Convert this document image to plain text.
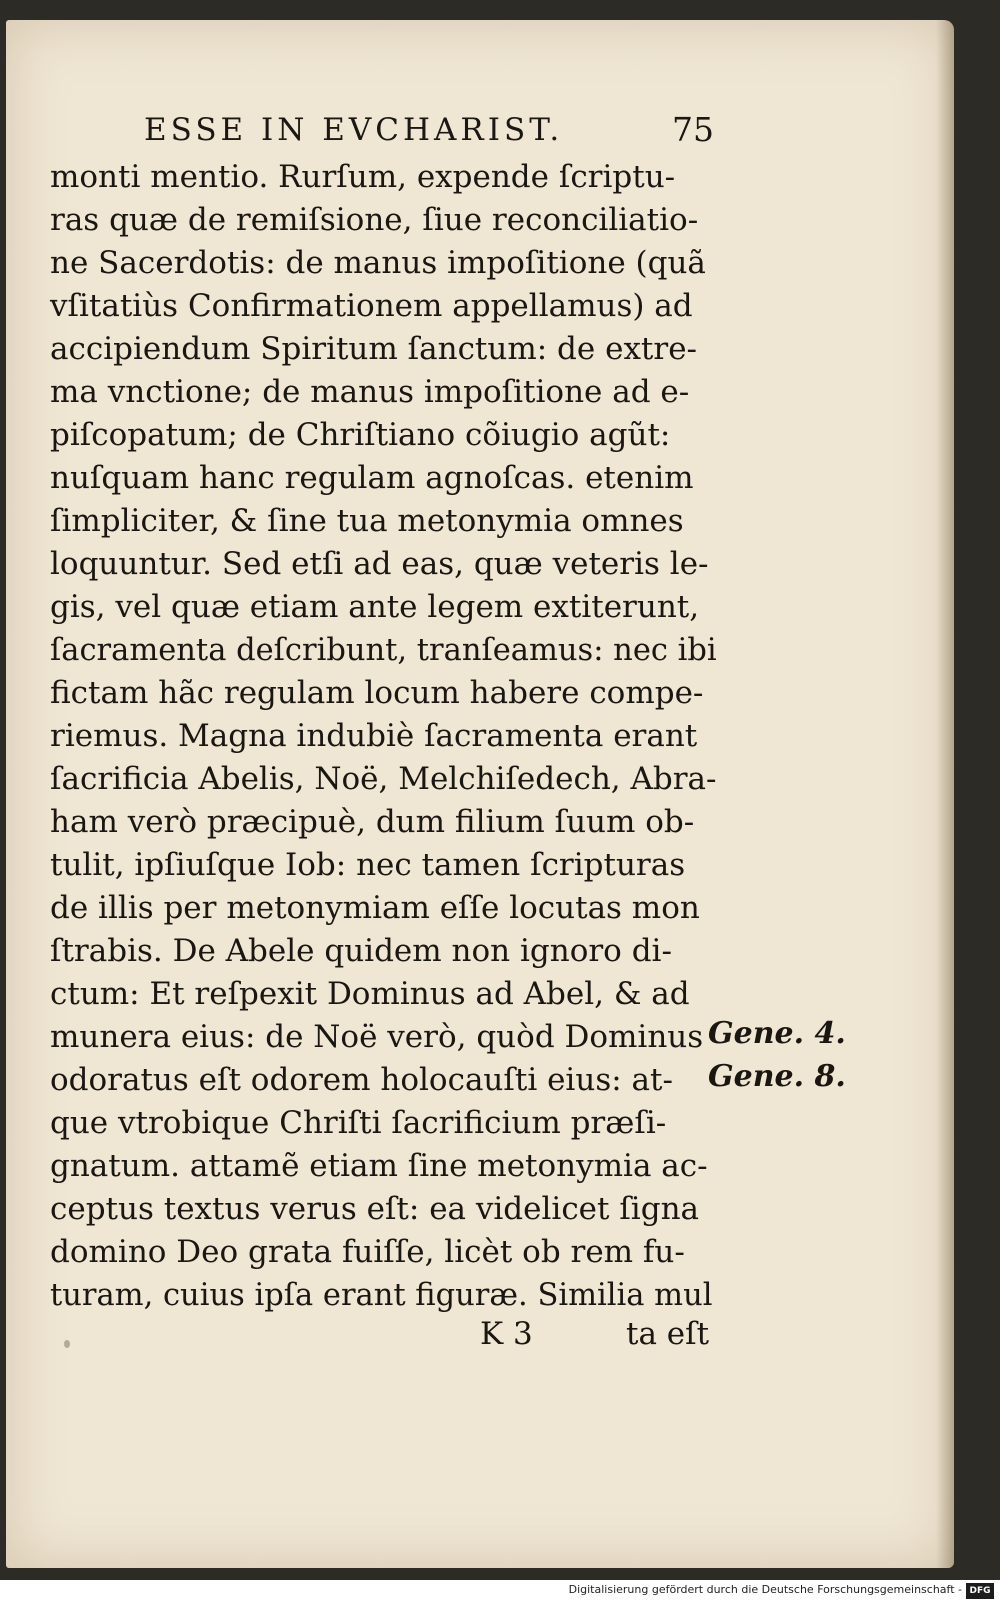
ESSE IN EVCHARIST.	75
monti mentio. Rurſum, expende ſcriptu-
ras quæ de remiſsione, ſiue reconciliatio-
ne Sacerdotis: de manus impoſitione (quã
vſitatiùs Confirmationem appellamus) ad
accipiendum Spiritum ſanctum: de extre-
ma vnctione; de manus impoſitione ad e-
piſcopatum; de Chriſtiano cõiugio agũt:
nuſquam hanc regulam agnoſcas. etenim
ſimpliciter, & ſine tua metonymia omnes
loquuntur. Sed etſi ad eas, quæ veteris le-
gis, vel quæ etiam ante legem extiterunt,
ſacramenta deſcribunt, tranſeamus: nec ibi
fictam hãc regulam locum habere compe-
riemus. Magna indubiè ſacramenta erant
ſacrificia Abelis, Noë, Melchiſedech, Abra-
ham verò præcipuè, dum filium ſuum ob-
tulit, ipſiuſque Iob: nec tamen ſcripturas
de illis per metonymiam eſſe locutas mon
ſtrabis. De Abele quidem non ignoro di-
ctum: Et reſpexit Dominus ad Abel, & ad
munera eius: de Noë verò, quòd Dominus
odoratus eſt odorem holocauſti eius: at-
que vtrobique Chriſti ſacrificium præſi-
gnatum. attamẽ etiam ſine metonymia ac-
ceptus textus verus eſt: ea videlicet ſigna
domino Deo grata fuiſſe, licèt ob rem fu-
turam, cuius ipſa erant figuræ. Similia mul
Gene. 4.
Gene. 8.
K 3	ta eſt
Digitalisierung gefördert durch die Deutsche Forschungsgemeinschaft - DFG
